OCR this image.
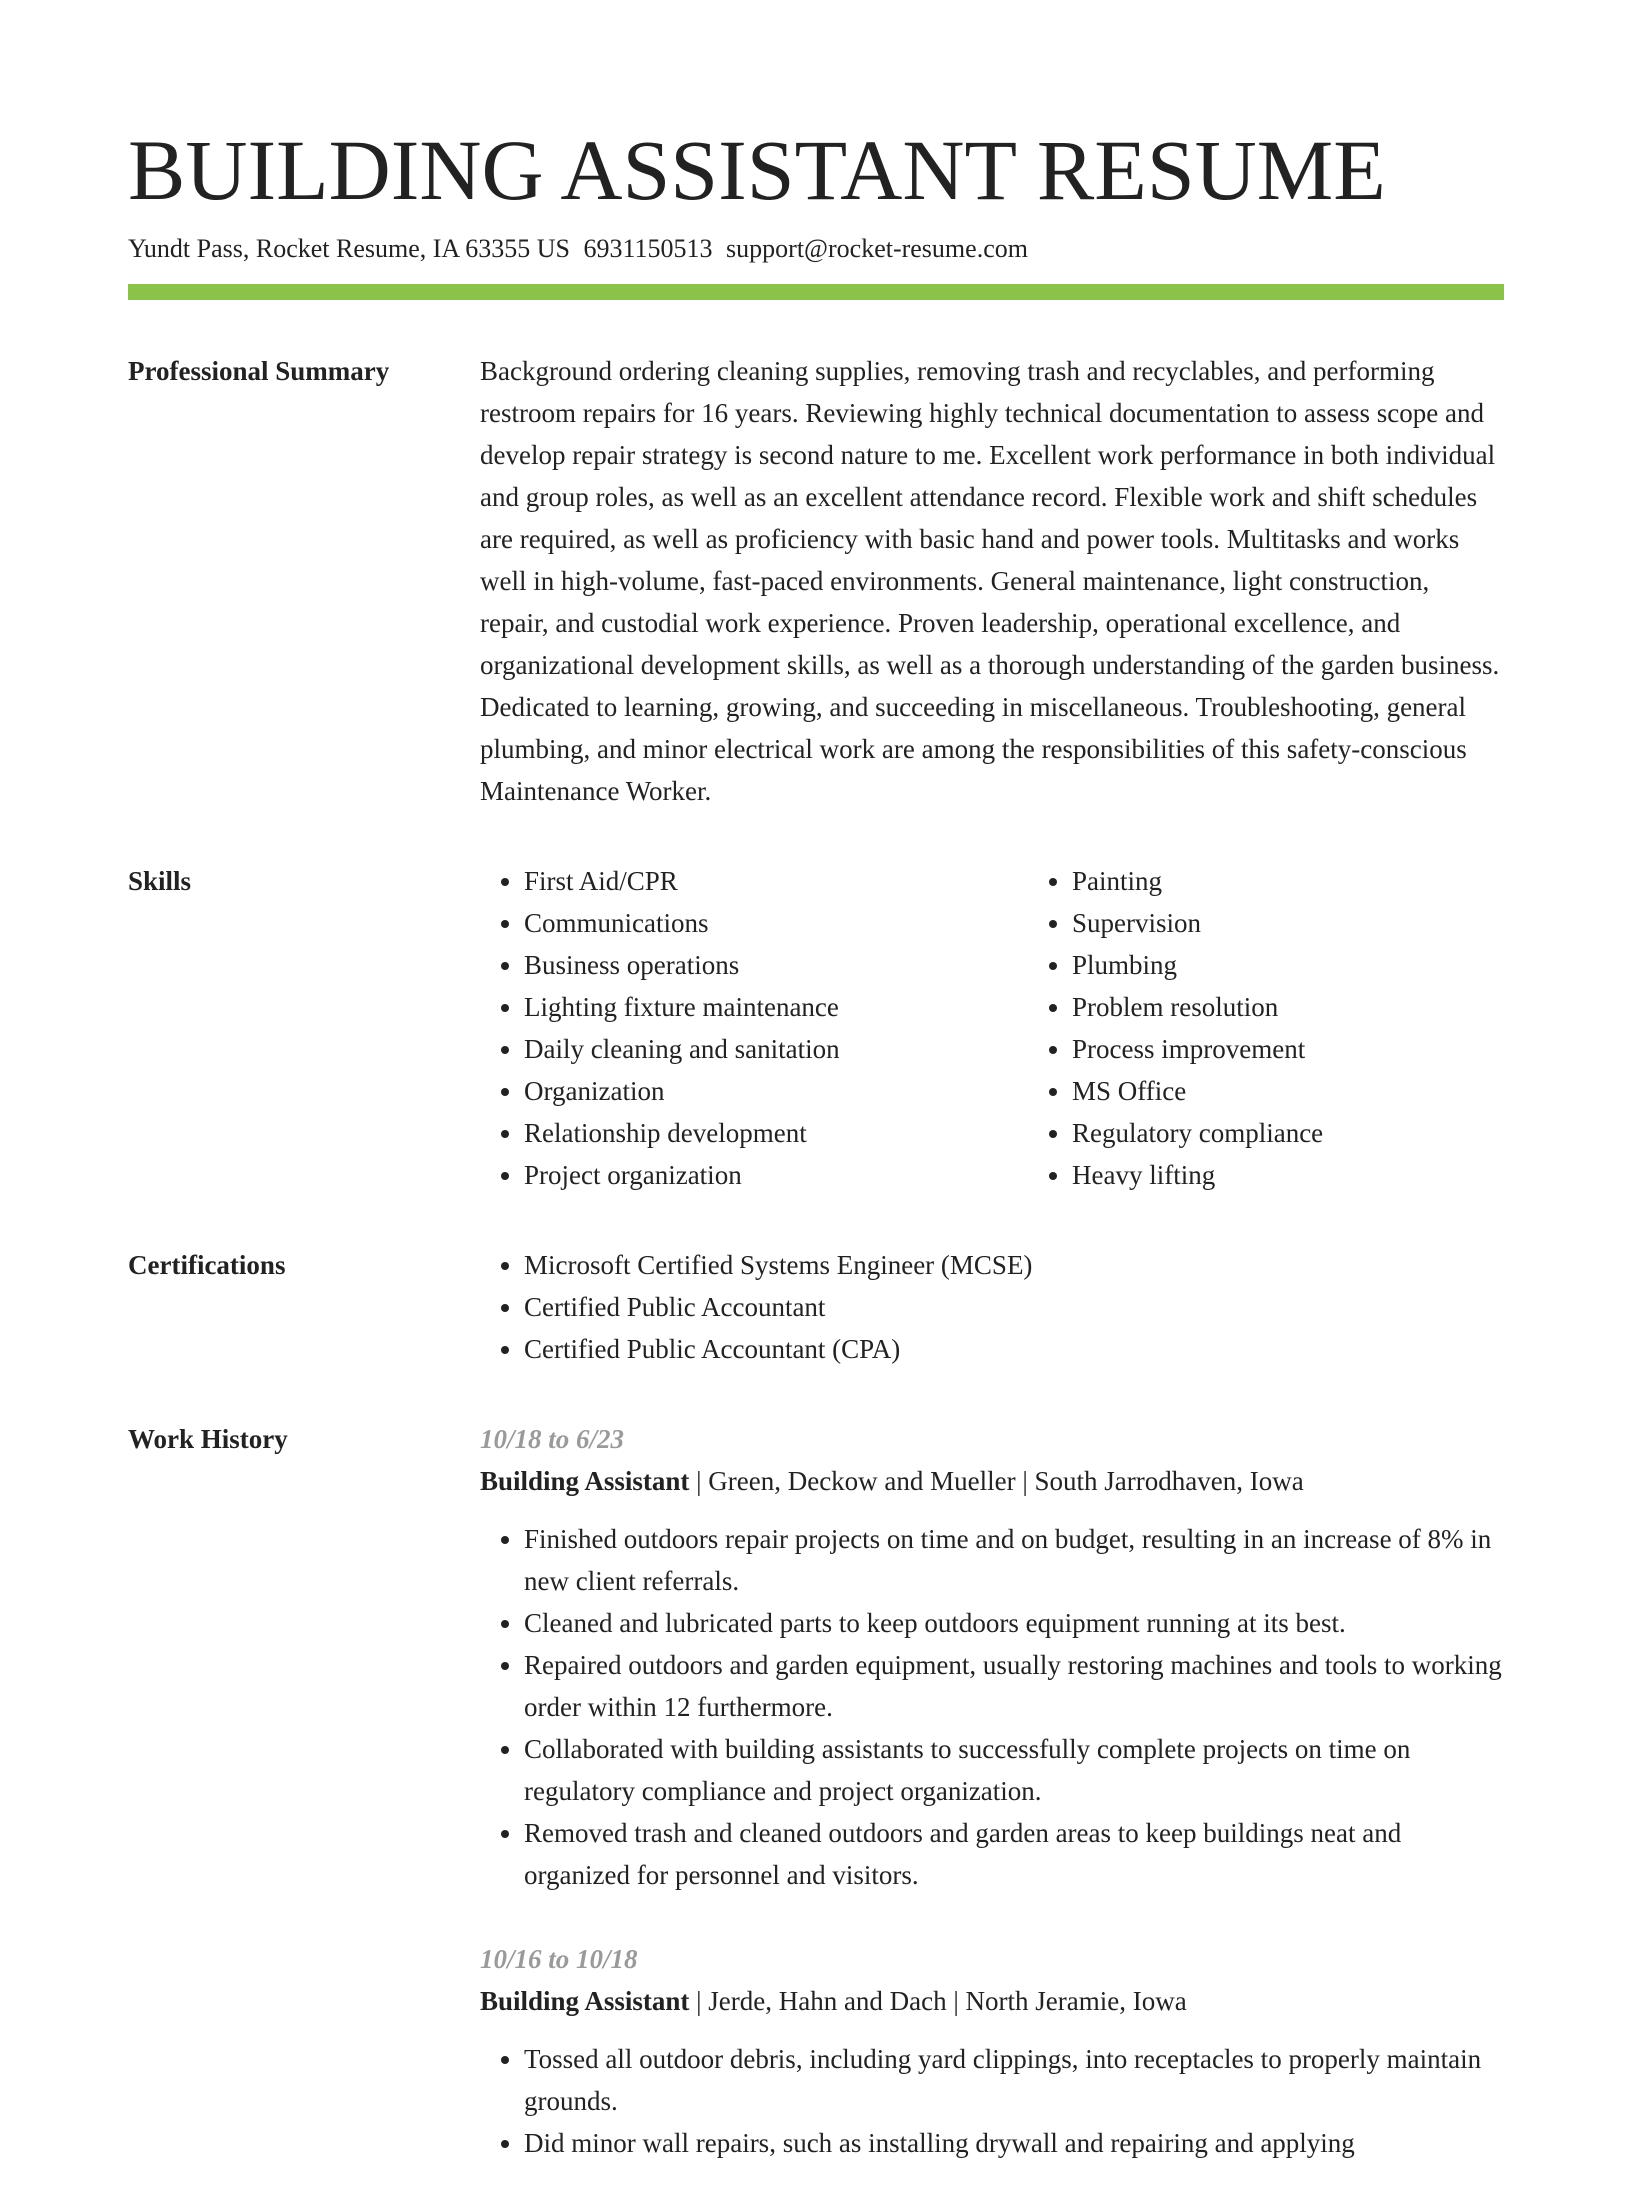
BUILDING ASSISTANT RESUME
Yundt Pass, Rocket Resume, IA 63355 US 6931150513 support@rocket-resume.com
Professional Summary	Background ordering cleaning supplies, removing trash and recyclables, and performing restroom repairs for 16 years. Reviewing highly technical documentation to assess scope and develop repair strategy is second nature to me. Excellent work performance in both individual and group roles, as well as an excellent attendance record. Flexible work and shift schedules are required, as well as proficiency with basic hand and power tools. Multitasks and works well in high-volume, fast-paced environments. General maintenance, light construction, repair, and custodial work experience. Proven leadership, operational excellence, and organizational development skills, as well as a thorough understanding of the garden business. Dedicated to learning, growing, and succeeding in miscellaneous. Troubleshooting, general plumbing, and minor electrical work are among the responsibilities of this safety-conscious Maintenance Worker.

Skills	• First Aid/CPR
• Communications
• Business operations
• Lighting fixture maintenance
• Daily cleaning and sanitation
• Organization
• Relationship development
• Project organization
• Painting
• Supervision
• Plumbing
• Problem resolution
• Process improvement
• MS Office
• Regulatory compliance
• Heavy lifting
Certifications	• Microsoft Certified Systems Engineer (MCSE)
• Certified Public Accountant
• Certified Public Accountant (CPA)
Work History	10/18 to 6/23
Building Assistant | Green, Deckow and Mueller | South Jarrodhaven, Iowa
• Finished outdoors repair projects on time and on budget, resulting in an increase of 8% in new client referrals.
• Cleaned and lubricated parts to keep outdoors equipment running at its best.
• Repaired outdoors and garden equipment, usually restoring machines and tools to working order within 12 furthermore.
• Collaborated with building assistants to successfully complete projects on time on regulatory compliance and project organization.
• Removed trash and cleaned outdoors and garden areas to keep buildings neat and organized for personnel and visitors.
10/16 to 10/18
Building Assistant | Jerde, Hahn and Dach | North Jeramie, Iowa
• Tossed all outdoor debris, including yard clippings, into receptacles to properly maintain grounds.
• Did minor wall repairs, such as installing drywall and repairing and applying
